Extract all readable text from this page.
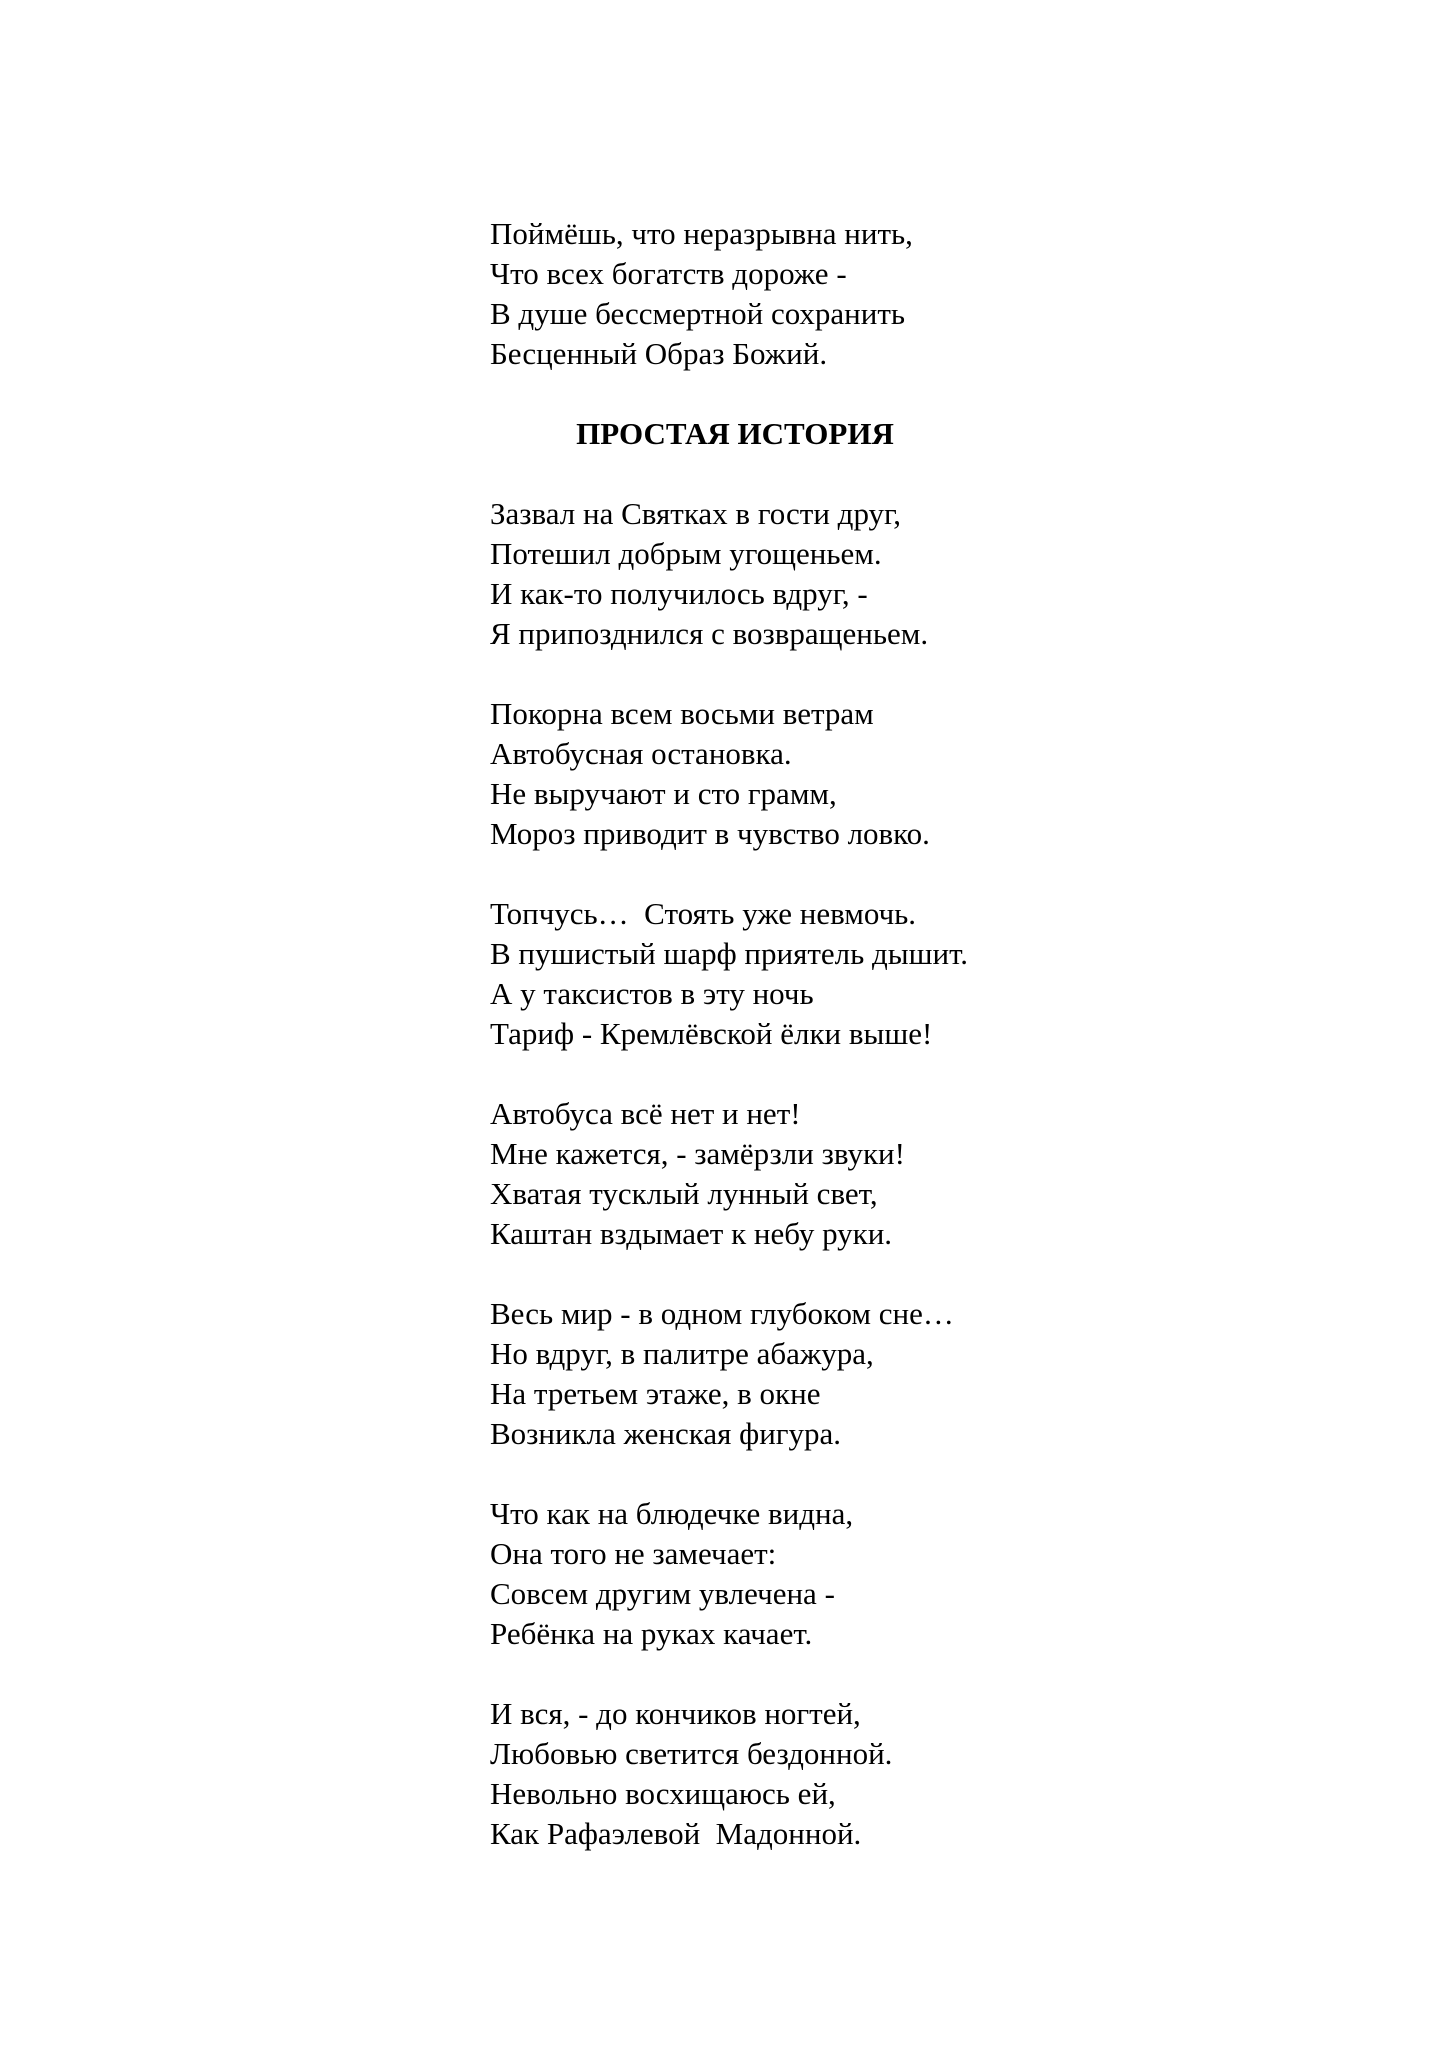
Поймёшь, что неразрывна нить,
Что всех богатств дороже -
В душе бессмертной сохранить
Бесценный Образ Божий.
ПРОСТАЯ ИСТОРИЯ
Зазвал на Святках в гости друг,
Потешил добрым угощеньем.
И как-то получилось вдруг, -
Я припозднился с возвращеньем.
Покорна всем восьми ветрам
Автобусная остановка.
Не выручают и сто грамм,
Мороз приводит в чувство ловко.
Топчусь…  Стоять уже невмочь.
В пушистый шарф приятель дышит.
А у таксистов в эту ночь
Тариф - Кремлёвской ёлки выше!
Автобуса всё нет и нет!
Мне кажется, - замёрзли звуки!
Хватая тусклый лунный свет,
Каштан вздымает к небу руки.
Весь мир - в одном глубоком сне…
Но вдруг, в палитре абажура,
На третьем этаже, в окне
Возникла женская фигура.
Что как на блюдечке видна,
Она того не замечает:
Совсем другим увлечена -
Ребёнка на руках качает.
И вся, - до кончиков ногтей,
Любовью светится бездонной.
Невольно восхищаюсь ей,
Как Рафаэлевой  Мадонной.
